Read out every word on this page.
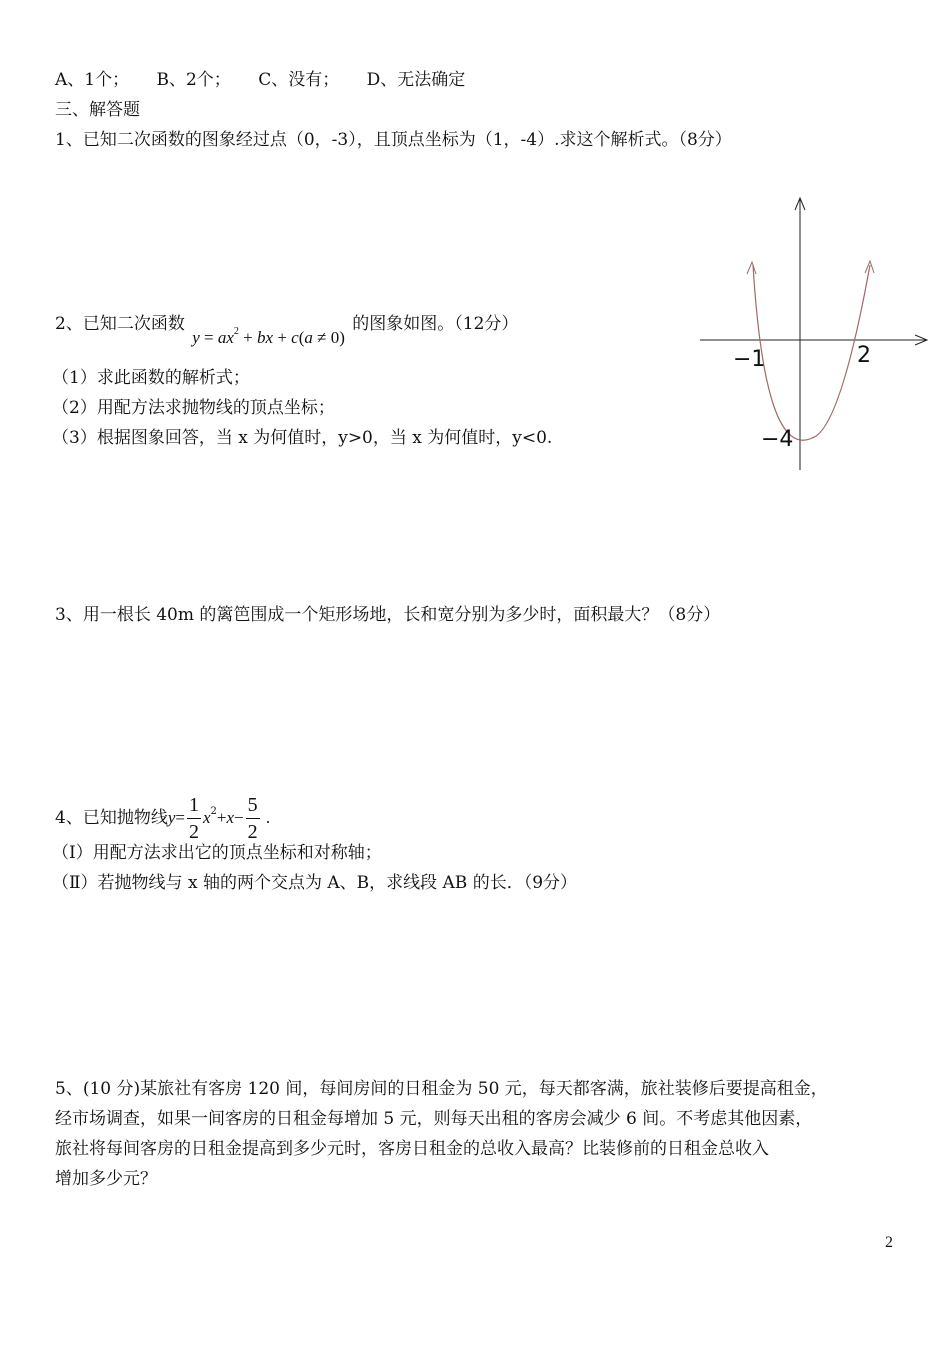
A、1个； B、2个； C、没有； D、无法确定
三、解答题
1、已知二次函数的图象经过点（0，-3），且顶点坐标为（1，-4）.求这个解析式。（8分）
2、已知二次函数 $y = ax^2$ + bx + c(a ≠ 0) 的图象如图。（12分）
（1）求此函数的解析式；
（2）用配方法求抛物线的顶点坐标；
（3）根据图象回答，当 x 为何值时，y>0，当 x 为何值时，y<0.
−1	2
−4
3、用一根长 40m 的篱笆围成一个矩形场地，长和宽分别为多少时，面积最大？（8分）
4、已知抛物线$y= \frac{1}{2} x^2+x- \frac{5}{2}$ .
（Ⅰ）用配方法求出它的顶点坐标和对称轴；
（Ⅱ）若抛物线与 x 轴的两个交点为 A、B，求线段 AB 的长．（9分）
5、(10 分)某旅社有客房 120 间，每间房间的日租金为 50 元，每天都客满，旅社装修后要提高租金，
经市场调查，如果一间客房的日租金每增加 5 元，则每天出租的客房会减少 6 间。不考虑其他因素，
旅社将每间客房的日租金提高到多少元时，客房日租金的总收入最高？比装修前的日租金总收入
增加多少元？
2
